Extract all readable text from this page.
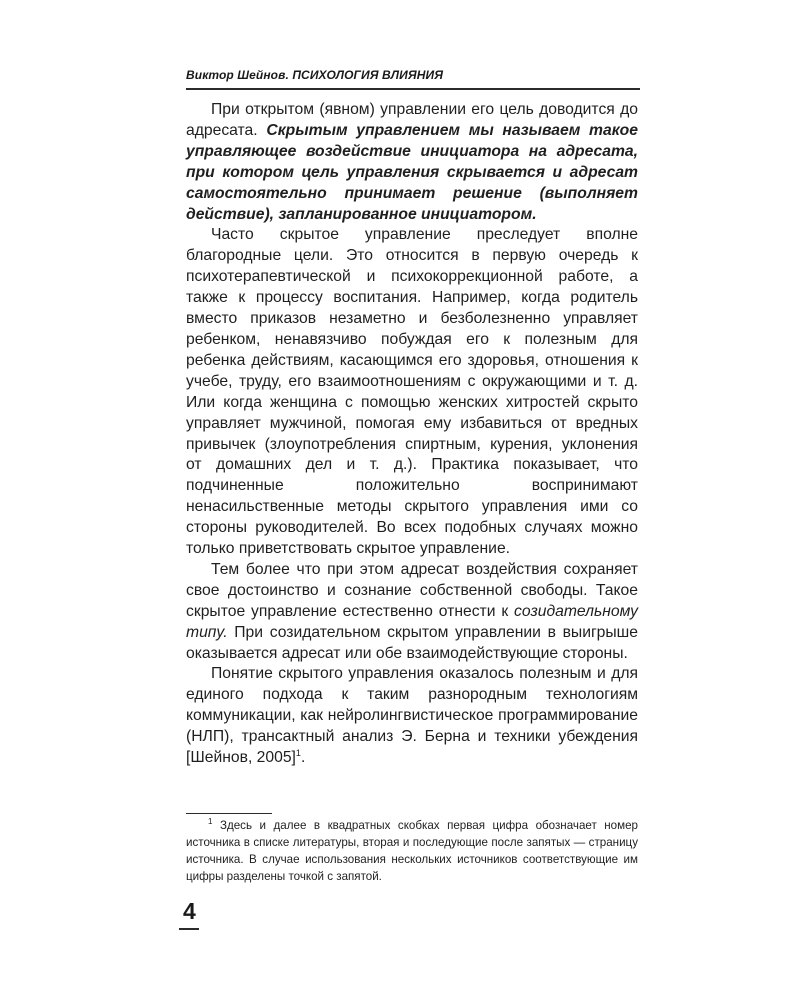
Виктор Шейнов. ПСИХОЛОГИЯ ВЛИЯНИЯ

При открытом (явном) управлении его цель доводится до адресата. Скрытым управлением мы называем такое управляющее воздействие инициатора на адресата, при котором цель управления скрывается и адресат самостоятельно принимает решение (выполняет действие), запланированное инициатором.

Часто скрытое управление преследует вполне благородные цели. Это относится в первую очередь к психотерапевтической и психокоррекционной работе, а также к процессу воспитания. Например, когда родитель вместо приказов незаметно и безболезненно управляет ребенком, ненавязчиво побуждая его к полезным для ребенка действиям, касающимся его здоровья, отношения к учебе, труду, его взаимоотношениям с окружающими и т. д. Или когда женщина с помощью женских хитростей скрыто управляет мужчиной, помогая ему избавиться от вредных привычек (злоупотребления спиртным, курения, уклонения от домашних дел и т. д.). Практика показывает, что подчиненные положительно воспринимают ненасильственные методы скрытого управления ими со стороны руководителей. Во всех подобных случаях можно только приветствовать скрытое управление.

Тем более что при этом адресат воздействия сохраняет свое достоинство и сознание собственной свободы. Такое скрытое управление естественно отнести к созидательному типу. При созидательном скрытом управлении в выигрыше оказывается адресат или обе взаимодействующие стороны.

Понятие скрытого управления оказалось полезным и для единого подхода к таким разнородным технологиям коммуникации, как нейролингвистическое программирование (НЛП), трансактный анализ Э. Берна и техники убеждения [Шейнов, 2005]$^1$.

$^1$ Здесь и далее в квадратных скобках первая цифра обозначает номер источника в списке литературы, вторая и последующие после запятых — страницу источника. В случае использования нескольких источников соответствующие им цифры разделены точкой с запятой.

4
